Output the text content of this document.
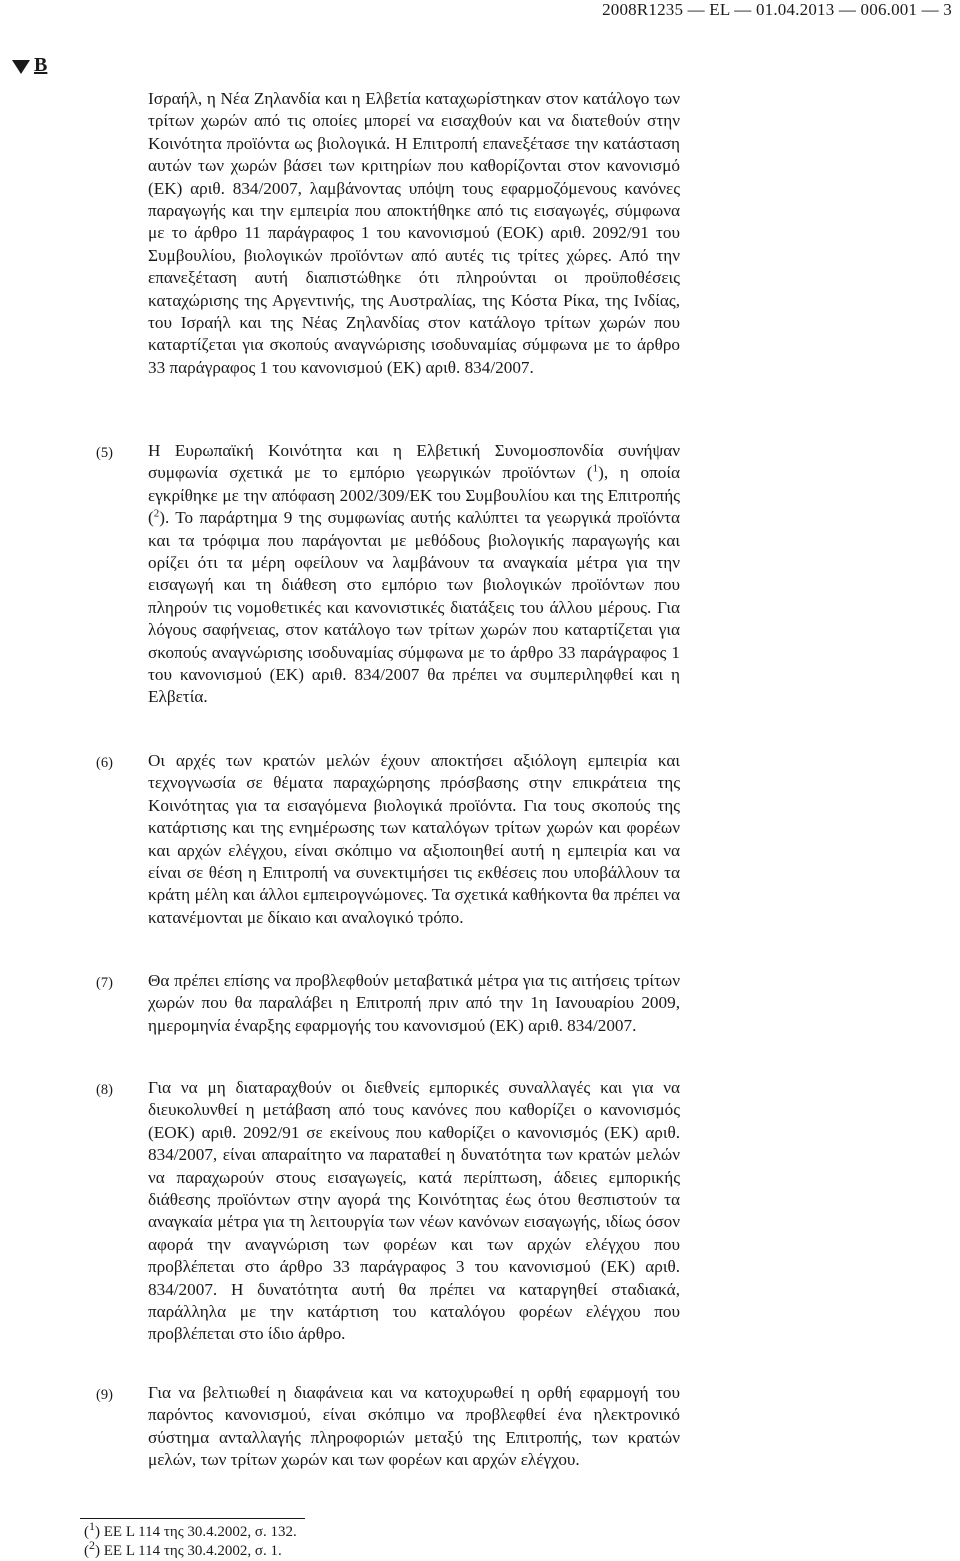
2008R1235 — EL — 01.04.2013 — 006.001 — 3
B
Ισραήλ, η Νέα Ζηλανδία και η Ελβετία καταχωρίστηκαν στον κατάλογο των τρίτων χωρών από τις οποίες μπορεί να εισαχθούν και να διατεθούν στην Κοινότητα προϊόντα ως βιολογικά. Η Επιτροπή επανεξέτασε την κατάσταση αυτών των χωρών βάσει των κριτηρίων που καθορίζονται στον κανονισμό (ΕΚ) αριθ. 834/2007, λαμβάνοντας υπόψη τους εφαρμοζόμενους κανόνες παραγωγής και την εμπειρία που αποκτήθηκε από τις εισαγωγές, σύμφωνα με το άρθρο 11 παράγραφος 1 του κανονισμού (ΕΟΚ) αριθ. 2092/91 του Συμβουλίου, βιολογικών προϊόντων από αυτές τις τρίτες χώρες. Από την επανεξέταση αυτή διαπιστώθηκε ότι πληρούνται οι προϋποθέσεις καταχώρισης της Αργεντινής, της Αυστραλίας, της Κόστα Ρίκα, της Ινδίας, του Ισραήλ και της Νέας Ζηλανδίας στον κατάλογο τρίτων χωρών που καταρτίζεται για σκοπούς αναγνώρισης ισοδυναμίας σύμφωνα με το άρθρο 33 παράγραφος 1 του κανονισμού (ΕΚ) αριθ. 834/2007.
(5) Η Ευρωπαϊκή Κοινότητα και η Ελβετική Συνομοσπονδία συνήψαν συμφωνία σχετικά με το εμπόριο γεωργικών προϊόντων ($^1$), η οποία εγκρίθηκε με την απόφαση 2002/309/ΕΚ του Συμβουλίου και της Επιτροπής ($^2$). Το παράρτημα 9 της συμφωνίας αυτής καλύπτει τα γεωργικά προϊόντα και τα τρόφιμα που παράγονται με μεθόδους βιολογικής παραγωγής και ορίζει ότι τα μέρη οφείλουν να λαμβάνουν τα αναγκαία μέτρα για την εισαγωγή και τη διάθεση στο εμπόριο των βιολογικών προϊόντων που πληρούν τις νομοθετικές και κανονιστικές διατάξεις του άλλου μέρους. Για λόγους σαφήνειας, στον κατάλογο των τρίτων χωρών που καταρτίζεται για σκοπούς αναγνώρισης ισοδυναμίας σύμφωνα με το άρθρο 33 παράγραφος 1 του κανονισμού (ΕΚ) αριθ. 834/2007 θα πρέπει να συμπεριληφθεί και η Ελβετία.
(6) Οι αρχές των κρατών μελών έχουν αποκτήσει αξιόλογη εμπειρία και τεχνογνωσία σε θέματα παραχώρησης πρόσβασης στην επικράτεια της Κοινότητας για τα εισαγόμενα βιολογικά προϊόντα. Για τους σκοπούς της κατάρτισης και της ενημέρωσης των καταλόγων τρίτων χωρών και φορέων και αρχών ελέγχου, είναι σκόπιμο να αξιοποιηθεί αυτή η εμπειρία και να είναι σε θέση η Επιτροπή να συνεκτιμήσει τις εκθέσεις που υποβάλλουν τα κράτη μέλη και άλλοι εμπειρογνώμονες. Τα σχετικά καθήκοντα θα πρέπει να κατανέμονται με δίκαιο και αναλογικό τρόπο.
(7) Θα πρέπει επίσης να προβλεφθούν μεταβατικά μέτρα για τις αιτήσεις τρίτων χωρών που θα παραλάβει η Επιτροπή πριν από την 1η Ιανουαρίου 2009, ημερομηνία έναρξης εφαρμογής του κανονισμού (ΕΚ) αριθ. 834/2007.
(8) Για να μη διαταραχθούν οι διεθνείς εμπορικές συναλλαγές και για να διευκολυνθεί η μετάβαση από τους κανόνες που καθορίζει ο κανονισμός (ΕΟΚ) αριθ. 2092/91 σε εκείνους που καθορίζει ο κανονισμός (ΕΚ) αριθ. 834/2007, είναι απαραίτητο να παραταθεί η δυνατότητα των κρατών μελών να παραχωρούν στους εισαγωγείς, κατά περίπτωση, άδειες εμπορικής διάθεσης προϊόντων στην αγορά της Κοινότητας έως ότου θεσπιστούν τα αναγκαία μέτρα για τη λειτουργία των νέων κανόνων εισαγωγής, ιδίως όσον αφορά την αναγνώριση των φορέων και των αρχών ελέγχου που προβλέπεται στο άρθρο 33 παράγραφος 3 του κανονισμού (ΕΚ) αριθ. 834/2007. Η δυνατότητα αυτή θα πρέπει να καταργηθεί σταδιακά, παράλληλα με την κατάρτιση του καταλόγου φορέων ελέγχου που προβλέπεται στο ίδιο άρθρο.
(9) Για να βελτιωθεί η διαφάνεια και να κατοχυρωθεί η ορθή εφαρμογή του παρόντος κανονισμού, είναι σκόπιμο να προβλεφθεί ένα ηλεκτρονικό σύστημα ανταλλαγής πληροφοριών μεταξύ της Επιτροπής, των κρατών μελών, των τρίτων χωρών και των φορέων και αρχών ελέγχου.
($^1$) ΕΕ L 114 της 30.4.2002, σ. 132.
($^2$) ΕΕ L 114 της 30.4.2002, σ. 1.
